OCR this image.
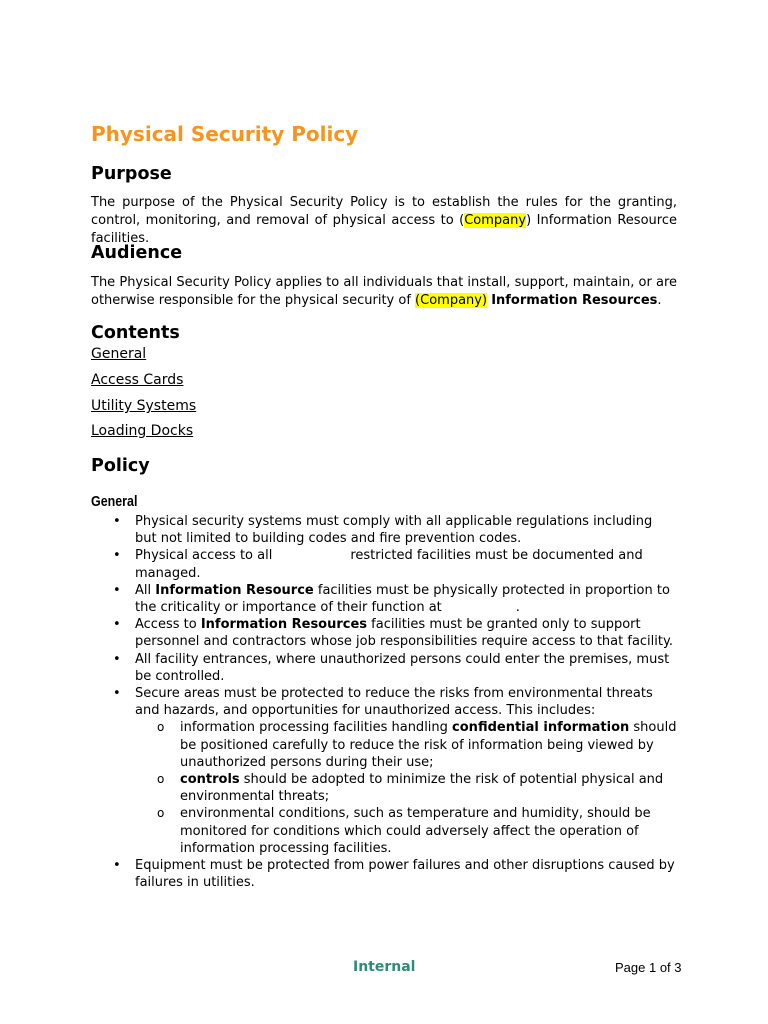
Physical Security Policy
Purpose

The purpose of the Physical Security Policy is to establish the rules for the granting, control, monitoring, and removal of physical access to (Company) Information Resource facilities.

Audience

The Physical Security Policy applies to all individuals that install, support, maintain, or are otherwise responsible for the physical security of (Company) Information Resources.

Contents
General
Access Cards
Utility Systems
Loading Docks
Policy
General
• Physical security systems must comply with all applicable regulations including but not limited to building codes and fire prevention codes.
• Physical access to all	restricted facilities must be documented and managed.
• All Information Resource facilities must be physically protected in proportion to the criticality or importance of their function at	.
• Access to Information Resources facilities must be granted only to support personnel and contractors whose job responsibilities require access to that facility.
• All facility entrances, where unauthorized persons could enter the premises, must be controlled.
• Secure areas must be protected to reduce the risks from environmental threats and hazards, and opportunities for unauthorized access. This includes:
o information processing facilities handling confidential information should be positioned carefully to reduce the risk of information being viewed by unauthorized persons during their use;
o controls should be adopted to minimize the risk of potential physical and environmental threats;
o environmental conditions, such as temperature and humidity, should be monitored for conditions which could adversely affect the operation of information processing facilities.
• Equipment must be protected from power failures and other disruptions caused by failures in utilities.
Internal	Page 1 of 3
